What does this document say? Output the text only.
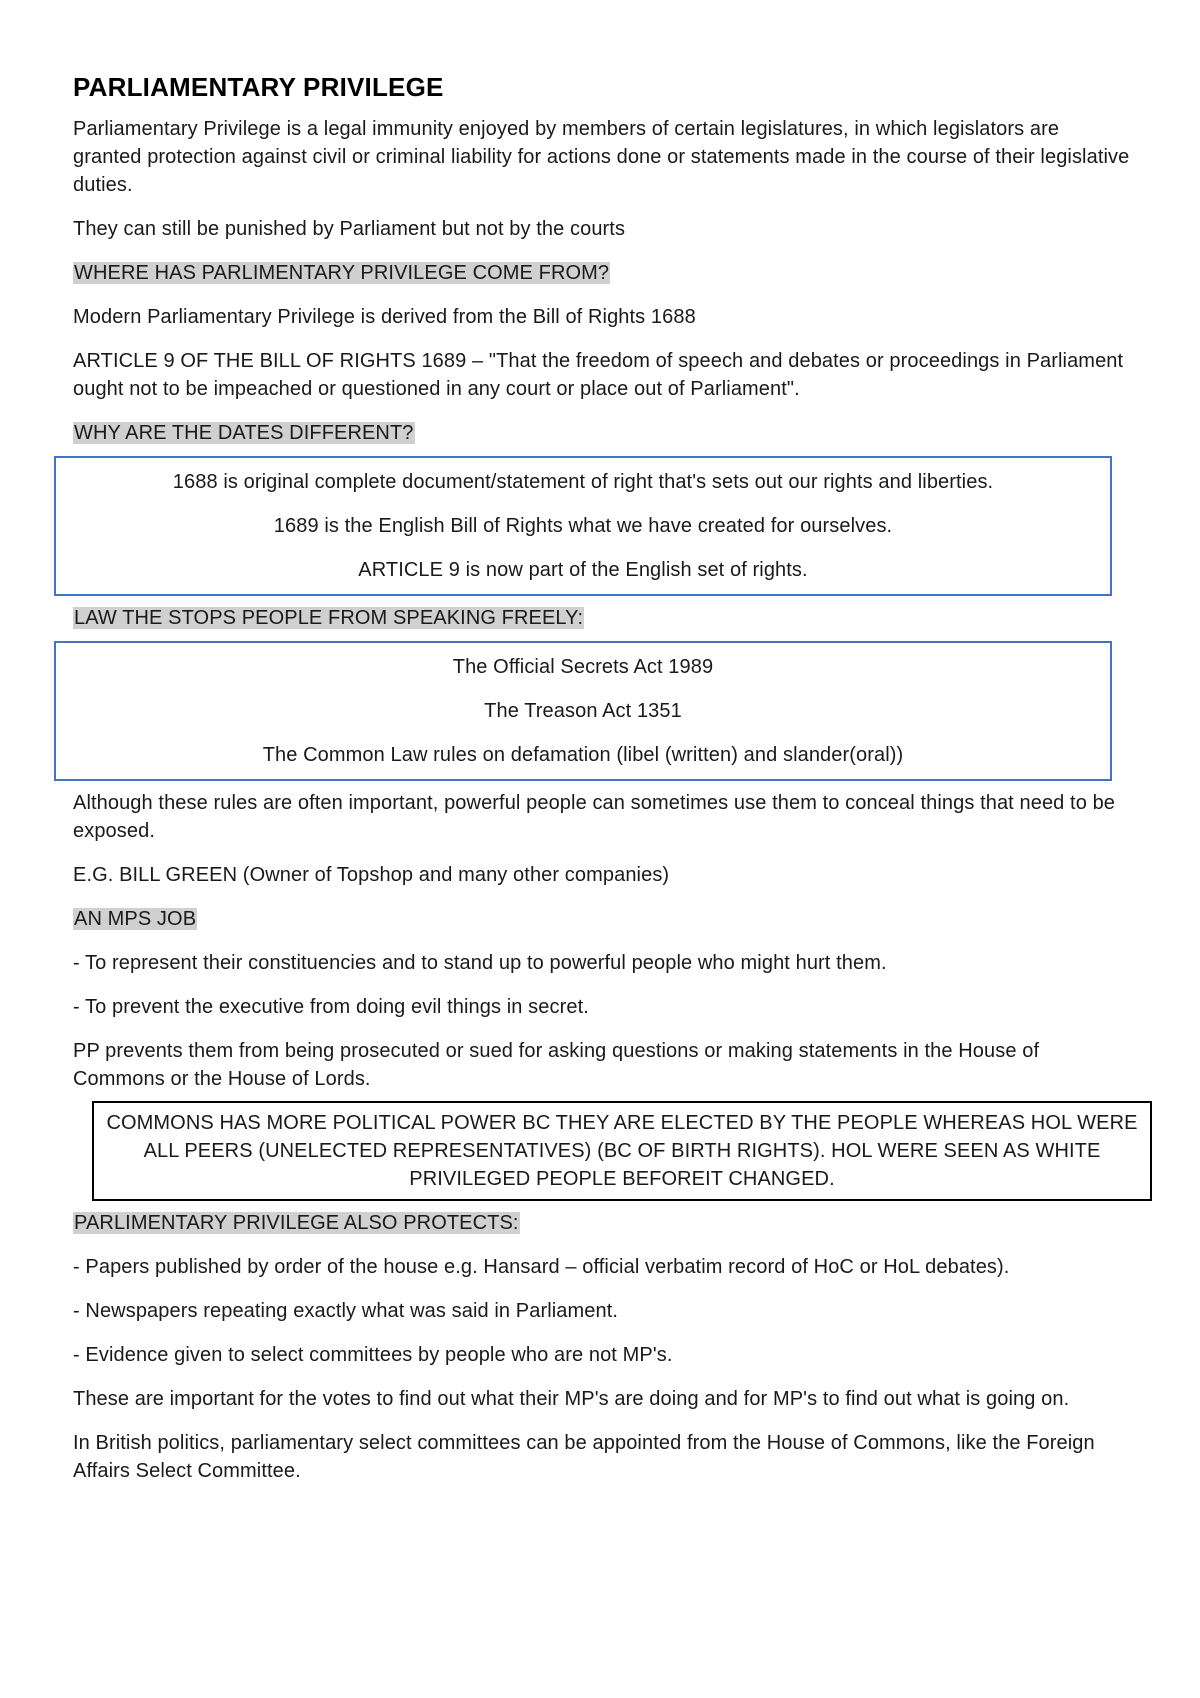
PARLIAMENTARY PRIVILEGE

Parliamentary Privilege is a legal immunity enjoyed by members of certain legislatures, in which legislators are granted protection against civil or criminal liability for actions done or statements made in the course of their legislative duties.

They can still be punished by Parliament but not by the courts

WHERE HAS PARLIMENTARY PRIVILEGE COME FROM?

Modern Parliamentary Privilege is derived from the Bill of Rights 1688

ARTICLE 9 OF THE BILL OF RIGHTS 1689 – "That the freedom of speech and debates or proceedings in Parliament ought not to be impeached or questioned in any court or place out of Parliament".

WHY ARE THE DATES DIFFERENT?

1688 is original complete document/statement of right that's sets out our rights and liberties.

1689 is the English Bill of Rights what we have created for ourselves.

ARTICLE 9 is now part of the English set of rights.

LAW THE STOPS PEOPLE FROM SPEAKING FREELY:

The Official Secrets Act 1989

The Treason Act 1351

The Common Law rules on defamation (libel (written) and slander(oral))

Although these rules are often important, powerful people can sometimes use them to conceal things that need to be exposed.

E.G. BILL GREEN (Owner of Topshop and many other companies)

AN MPS JOB

- To represent their constituencies and to stand up to powerful people who might hurt them.

- To prevent the executive from doing evil things in secret.

PP prevents them from being prosecuted or sued for asking questions or making statements in the House of Commons or the House of Lords.

COMMONS HAS MORE POLITICAL POWER BC THEY ARE ELECTED BY THE PEOPLE WHEREAS HOL WERE ALL PEERS (UNELECTED REPRESENTATIVES) (BC OF BIRTH RIGHTS). HOL WERE SEEN AS WHITE PRIVILEGED PEOPLE BEFOREIT CHANGED.

PARLIMENTARY PRIVILEGE ALSO PROTECTS:

- Papers published by order of the house e.g. Hansard – official verbatim record of HoC or HoL debates).

- Newspapers repeating exactly what was said in Parliament.

- Evidence given to select committees by people who are not MP's.

These are important for the votes to find out what their MP's are doing and for MP's to find out what is going on.

In British politics, parliamentary select committees can be appointed from the House of Commons, like the Foreign Affairs Select Committee.
